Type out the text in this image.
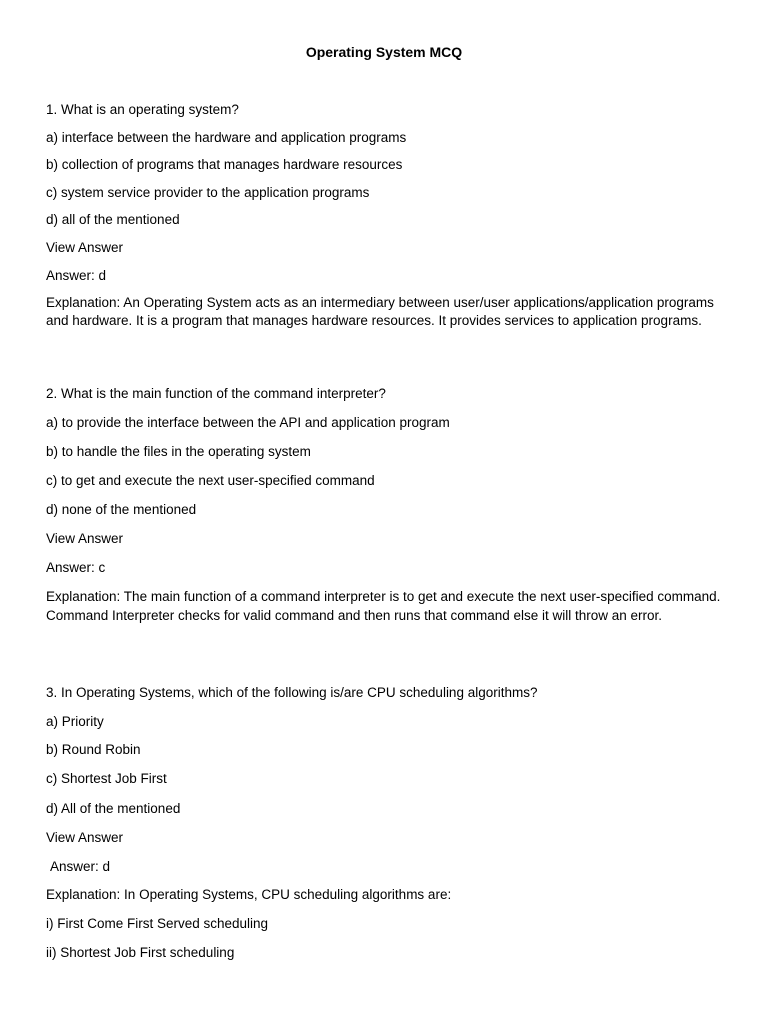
Operating System MCQ
1. What is an operating system?
a) interface between the hardware and application programs
b) collection of programs that manages hardware resources
c) system service provider to the application programs
d) all of the mentioned
View Answer
Answer: d
Explanation: An Operating System acts as an intermediary between user/user applications/application programs and hardware. It is a program that manages hardware resources. It provides services to application programs.
2. What is the main function of the command interpreter?
a) to provide the interface between the API and application program
b) to handle the files in the operating system
c) to get and execute the next user-specified command
d) none of the mentioned
View Answer
Answer: c
Explanation: The main function of a command interpreter is to get and execute the next user-specified command. Command Interpreter checks for valid command and then runs that command else it will throw an error.
3. In Operating Systems, which of the following is/are CPU scheduling algorithms?
a) Priority
b) Round Robin
c) Shortest Job First
d) All of the mentioned
View Answer
Answer: d
Explanation: In Operating Systems, CPU scheduling algorithms are:
i) First Come First Served scheduling
ii) Shortest Job First scheduling
